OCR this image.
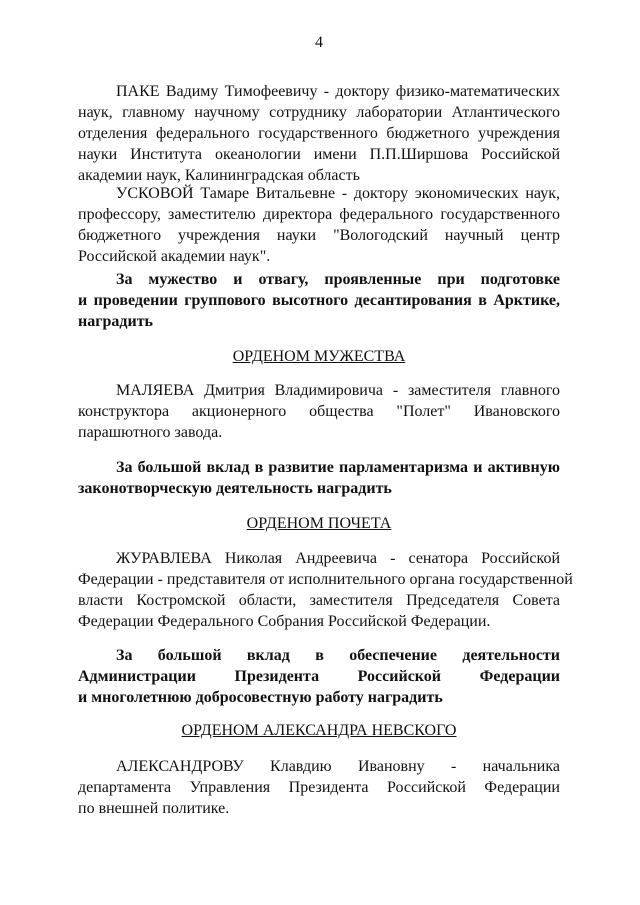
4
ПАКЕ Вадиму Тимофеевичу - доктору физико-математических
наук, главному научному сотруднику лаборатории Атлантического
отделения федерального государственного бюджетного учреждения
науки Института океанологии имени П.П.Ширшова Российской
академии наук, Калининградская область
УСКОВОЙ Тамаре Витальевне - доктору экономических наук,
профессору, заместителю директора федерального государственного
бюджетного учреждения науки "Вологодский научный центр
Российской академии наук".
За мужество и отвагу, проявленные при подготовке
и проведении группового высотного десантирования в Арктике,
наградить
ОРДЕНОМ МУЖЕСТВА
МАЛЯЕВА Дмитрия Владимировича - заместителя главного
конструктора акционерного общества "Полет" Ивановского
парашютного завода.
За большой вклад в развитие парламентаризма и активную
законотворческую деятельность наградить
ОРДЕНОМ ПОЧЕТА
ЖУРАВЛЕВА Николая Андреевича - сенатора Российской
Федерации - представителя от исполнительного органа государственной
власти Костромской области, заместителя Председателя Совета
Федерации Федерального Собрания Российской Федерации.
За большой вклад в обеспечение деятельности
Администрации Президента Российской Федерации
и многолетнюю добросовестную работу наградить
ОРДЕНОМ АЛЕКСАНДРА НЕВСКОГО
АЛЕКСАНДРОВУ Клавдию Ивановну - начальника
департамента Управления Президента Российской Федерации
по внешней политике.
